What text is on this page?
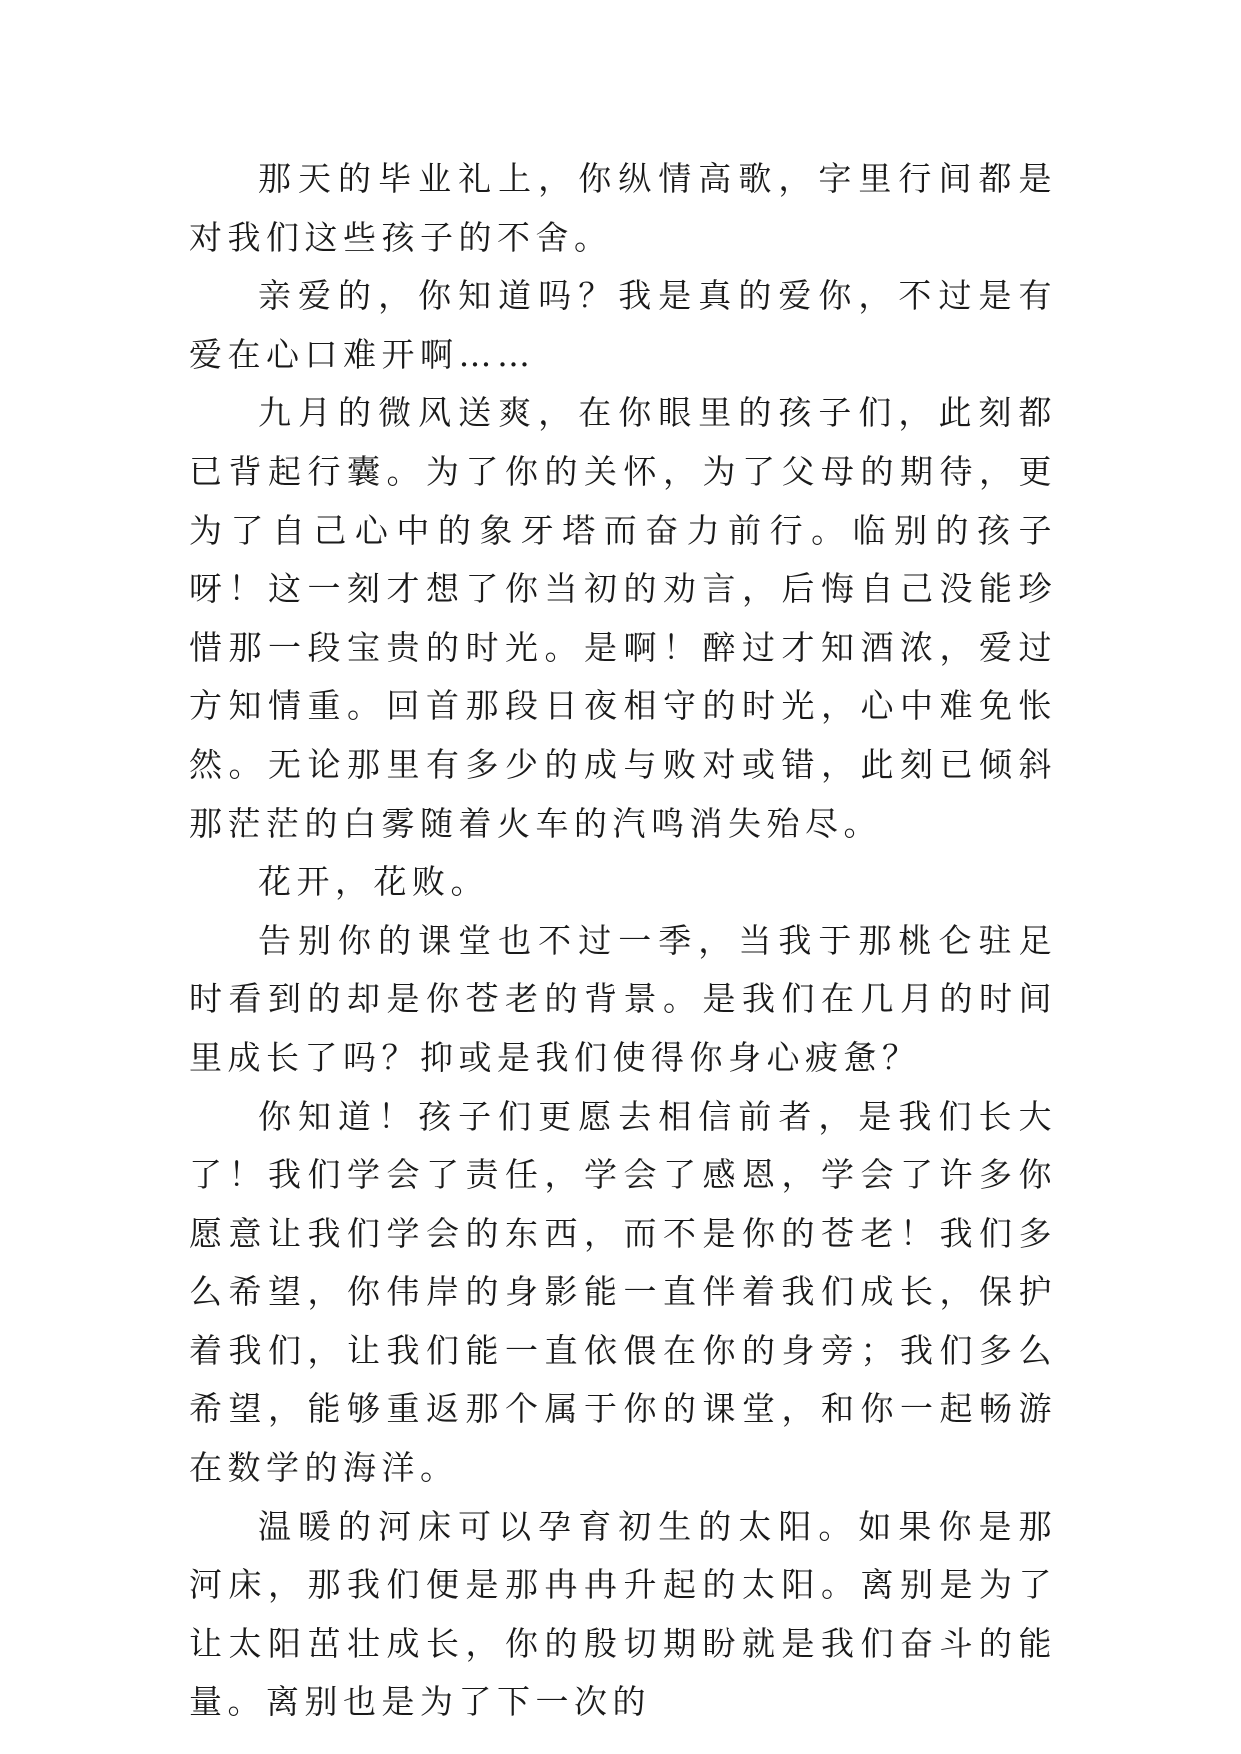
那天的毕业礼上，你纵情高歌，字里行间都是对我们这些孩子的不舍。

亲爱的，你知道吗？我是真的爱你，不过是有爱在心口难开啊……

九月的微风送爽，在你眼里的孩子们，此刻都已背起行囊。为了你的关怀，为了父母的期待，更为了自己心中的象牙塔而奋力前行。临别的孩子呀！这一刻才想了你当初的劝言，后悔自己没能珍惜那一段宝贵的时光。是啊！醉过才知酒浓，爱过方知情重。回首那段日夜相守的时光，心中难免怅然。无论那里有多少的成与败对或错，此刻已倾斜那茫茫的白雾随着火车的汽鸣消失殆尽。

花开，花败。

告别你的课堂也不过一季，当我于那桃仑驻足时看到的却是你苍老的背景。是我们在几月的时间里成长了吗？抑或是我们使得你身心疲惫？

你知道！孩子们更愿去相信前者，是我们长大了！我们学会了责任，学会了感恩，学会了许多你愿意让我们学会的东西，而不是你的苍老！我们多么希望，你伟岸的身影能一直伴着我们成长，保护着我们，让我们能一直依偎在你的身旁；我们多么希望，能够重返那个属于你的课堂，和你一起畅游在数学的海洋。

温暖的河床可以孕育初生的太阳。如果你是那河床，那我们便是那冉冉升起的太阳。离别是为了让太阳茁壮成长，你的殷切期盼就是我们奋斗的能量。离别也是为了下一次的
